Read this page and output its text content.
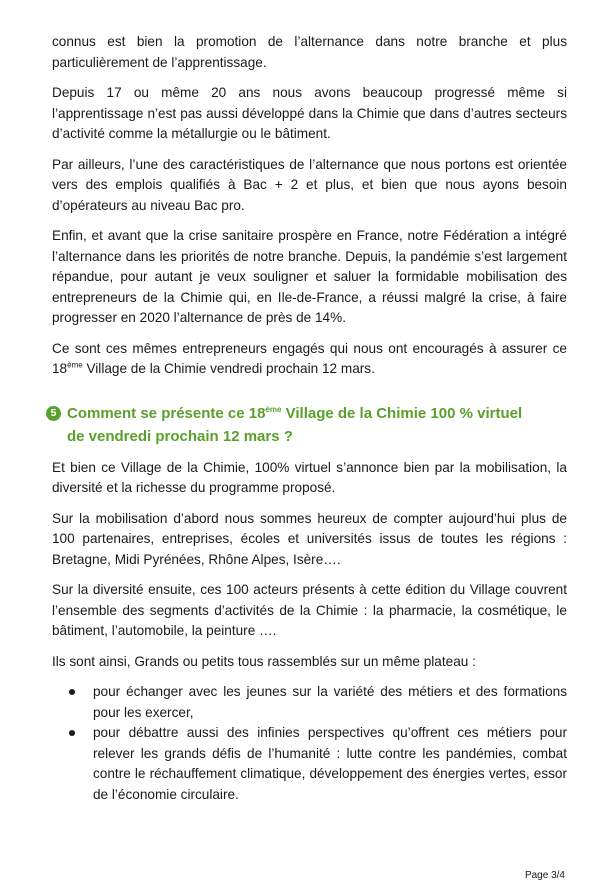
connus est bien la promotion de l’alternance dans notre branche et plus particulièrement de l’apprentissage.

Depuis 17 ou même 20 ans nous avons beaucoup progressé même si l’apprentissage n’est pas aussi développé dans la Chimie que dans d’autres secteurs d’activité comme la métallurgie ou le bâtiment.

Par ailleurs, l’une des caractéristiques de l’alternance que nous portons est orientée vers des emplois qualifiés à Bac + 2 et plus, et bien que nous ayons besoin d’opérateurs au niveau Bac pro.

Enfin, et avant que la crise sanitaire prospère en France, notre Fédération a intégré l’alternance dans les priorités de notre branche. Depuis, la pandémie s’est largement répandue, pour autant je veux souligner et saluer la formidable mobilisation des entrepreneurs de la Chimie qui, en Ile-de-France, a réussi malgré la crise, à faire progresser en 2020 l’alternance de près de 14%.

Ce sont ces mêmes entrepreneurs engagés qui nous ont encouragés à assurer ce 18ème Village de la Chimie vendredi prochain 12 mars.

5 Comment se présente ce 18ème Village de la Chimie 100 % virtuel
de vendredi prochain 12 mars ?

Et bien ce Village de la Chimie, 100% virtuel s’annonce bien par la mobilisation, la diversité et la richesse du programme proposé.

Sur la mobilisation d’abord nous sommes heureux de compter aujourd’hui plus de 100 partenaires, entreprises, écoles et universités issus de toutes les régions : Bretagne, Midi Pyrénées, Rhône Alpes, Isère….

Sur la diversité ensuite, ces 100 acteurs présents à cette édition du Village couvrent l’ensemble des segments d’activités de la Chimie : la pharmacie, la cosmétique, le bâtiment, l’automobile, la peinture ….

Ils sont ainsi, Grands ou petits tous rassemblés sur un même plateau :

pour échanger avec les jeunes sur la variété des métiers et des formations pour les exercer,
pour débattre aussi des infinies perspectives qu’offrent ces métiers pour relever les grands défis de l’humanité : lutte contre les pandémies, combat contre le réchauffement climatique, développement des énergies vertes, essor de l’économie circulaire.
Page 3/4
